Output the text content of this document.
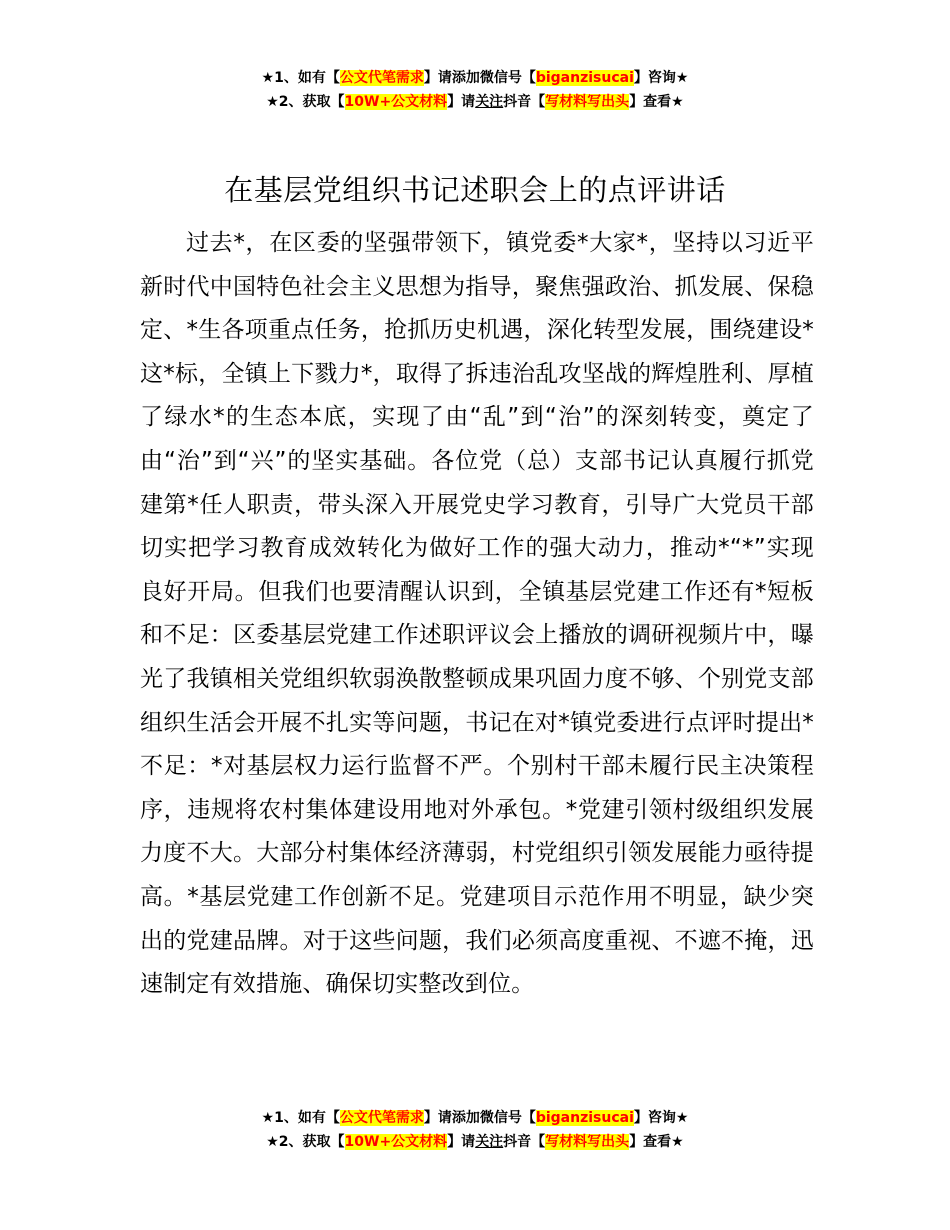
★1、如有【公文代笔需求】请添加微信号【biganzisucai】咨询★
★2、获取【10W+公文材料】请关注抖音【写材料写出头】查看★
在基层党组织书记述职会上的点评讲话

过去*，在区委的坚强带领下，镇党委*大家*，坚持以习近平新时代中国特色社会主义思想为指导，聚焦强政治、抓发展、保稳定、*生各项重点任务，抢抓历史机遇，深化转型发展，围绕建设*这*标，全镇上下戮力*，取得了拆违治乱攻坚战的辉煌胜利、厚植了绿水*的生态本底，实现了由“乱”到“治”的深刻转变，奠定了由“治”到“兴”的坚实基础。各位党（总）支部书记认真履行抓党建第*任人职责，带头深入开展党史学习教育，引导广大党员干部切实把学习教育成效转化为做好工作的强大动力，推动*“*”实现良好开局。但我们也要清醒认识到，全镇基层党建工作还有*短板和不足：区委基层党建工作述职评议会上播放的调研视频片中，曝光了我镇相关党组织软弱涣散整顿成果巩固力度不够、个别党支部组织生活会开展不扎实等问题，书记在对*镇党委进行点评时提出*不足：*对基层权力运行监督不严。个别村干部未履行民主决策程序，违规将农村集体建设用地对外承包。*党建引领村级组织发展力度不大。大部分村集体经济薄弱，村党组织引领发展能力亟待提高。*基层党建工作创新不足。党建项目示范作用不明显，缺少突出的党建品牌。对于这些问题，我们必须高度重视、不遮不掩，迅速制定有效措施、确保切实整改到位。

★1、如有【公文代笔需求】请添加微信号【biganzisucai】咨询★
★2、获取【10W+公文材料】请关注抖音【写材料写出头】查看★
